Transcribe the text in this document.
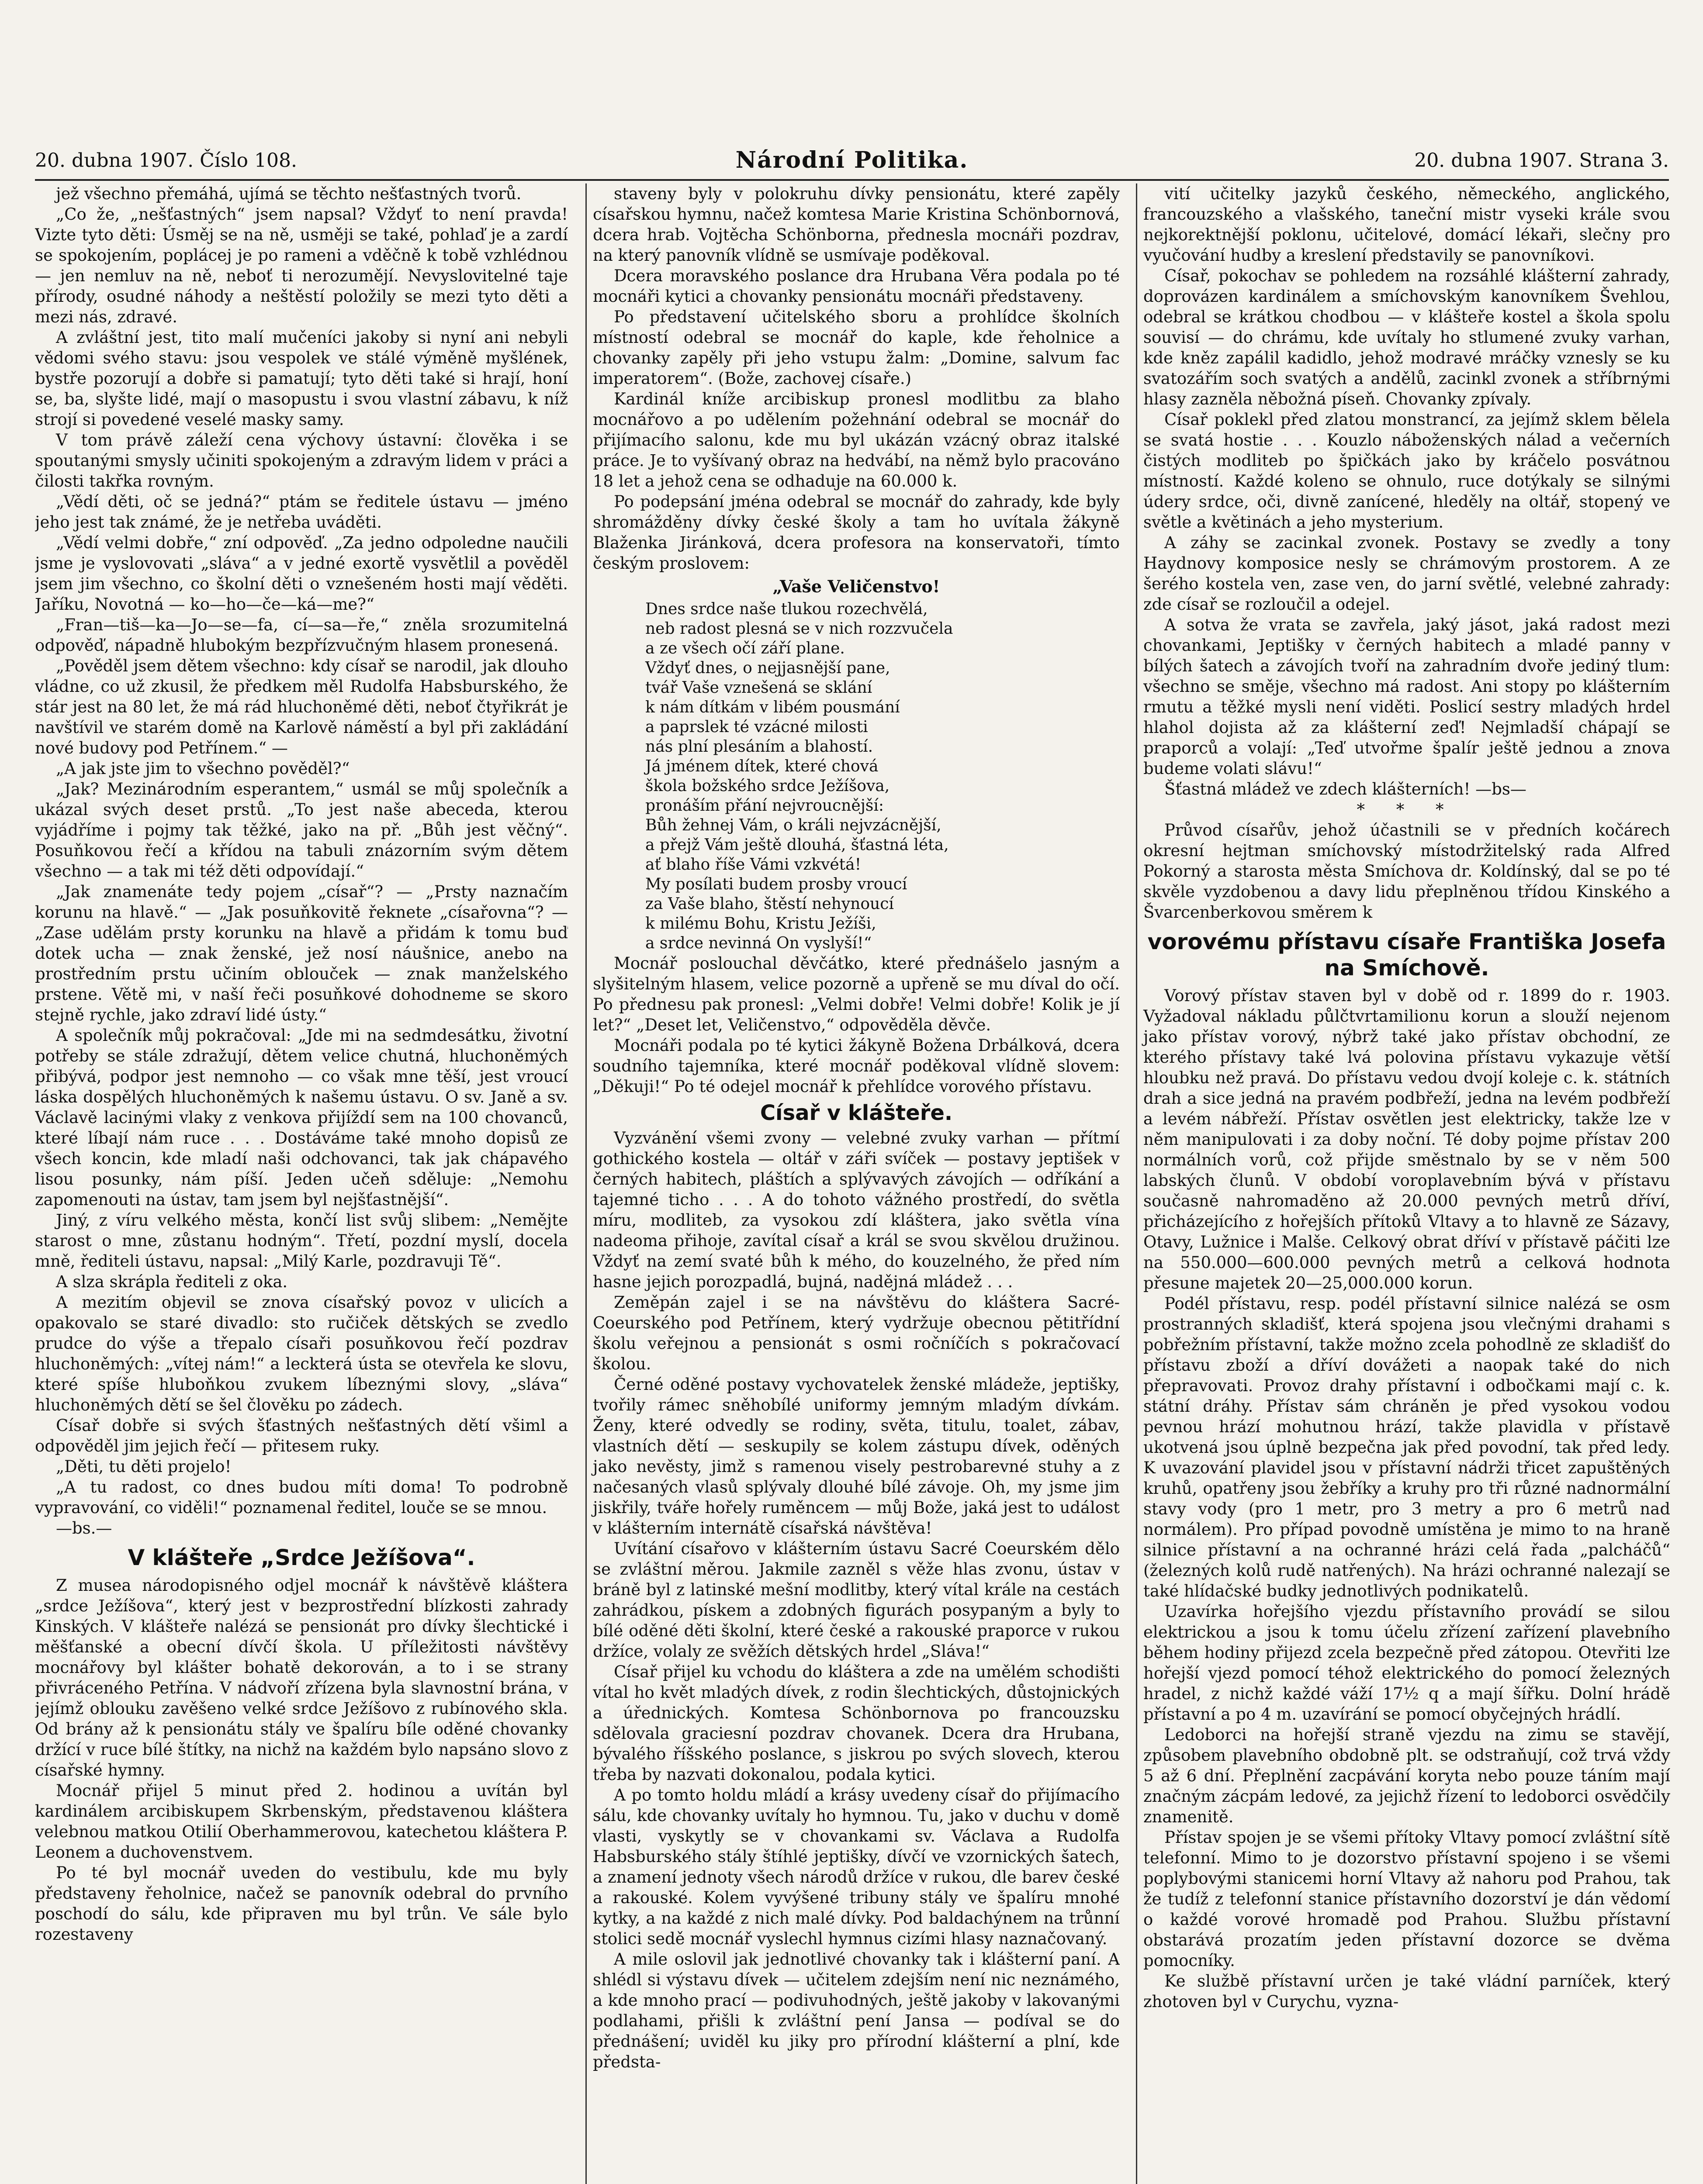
20. dubna 1907. Číslo 108.	Národní Politika.	20. dubna 1907. Strana 3.

jež všechno přemáhá, ujímá se těchto nešťastných tvorů.

„Co že, „nešťastných“ jsem napsal? Vždyť to není pravda! Vizte tyto děti: Úsměj se na ně, usměji se také, pohlaď je a zardí se spokojením, poplácej je po rameni a vděčně k tobě vzhlédnou — jen nemluv na ně, neboť ti nerozumějí. Nevyslovitelné taje přírody, osudné náhody a neštěstí položily se mezi tyto děti a mezi nás, zdravé.

A zvláštní jest, tito malí mučeníci jakoby si nyní ani nebyli vědomi svého stavu: jsou vespolek ve stálé výměně myšlének, bystře pozorují a dobře si pamatují; tyto děti také si hrají, honí se, ba, slyšte lidé, mají o masopustu i svou vlastní zábavu, k níž strojí si povedené veselé masky samy.

V tom právě záleží cena výchovy ústavní: člověka i se spoutanými smysly učiniti spokojeným a zdravým lidem v práci a čilosti takřka rovným.

„Vědí děti, oč se jedná?“ ptám se ředitele ústavu — jméno jeho jest tak známé, že je netřeba uváděti.

„Vědí velmi dobře,“ zní odpověď. „Za jedno odpoledne naučili jsme je vyslovovati „sláva“ a v jedné exortě vysvětlil a pověděl jsem jim všechno, co školní děti o vznešeném hosti mají věděti. Jaříku, Novotná — ko—ho—če—ká—me?“

„Fran—tiš—ka—Jo—se—fa, cí—sa—ře,“ zněla srozumitelná odpověď, nápadně hlubokým bezpřízvučným hlasem pronesená.

„Pověděl jsem dětem všechno: kdy císař se narodil, jak dlouho vládne, co už zkusil, že předkem měl Rudolfa Habsburského, že stár jest na 80 let, že má rád hluchoněmé děti, neboť čtyřikrát je navštívil ve starém domě na Karlově náměstí a byl při zakládání nové budovy pod Petřínem.“ —

„A jak jste jim to všechno pověděl?“

„Jak? Mezinárodním esperantem,“ usmál se můj společník a ukázal svých deset prstů. „To jest naše abeceda, kterou vyjádříme i pojmy tak těžké, jako na př. „Bůh jest věčný“. Posuňkovou řečí a křídou na tabuli znázorním svým dětem všechno — a tak mi též děti odpovídají.“

„Jak znamenáte tedy pojem „císař“? — „Prsty naznačím korunu na hlavě.“ — „Jak posuňkovitě řeknete „císařovna“? — „Zase udělám prsty korunku na hlavě a přidám k tomu buď dotek ucha — znak ženské, jež nosí náušnice, anebo na prostředním prstu učiním oblouček — znak manželského prstene. Větě mi, v naší řeči posuňkové dohodneme se skoro stejně rychle, jako zdraví lidé ústy.“

A společník můj pokračoval: „Jde mi na sedmdesátku, životní potřeby se stále zdražují, dětem velice chutná, hluchoněmých přibývá, podpor jest nemnoho — co však mne těší, jest vroucí láska dospělých hluchoněmých k našemu ústavu. O sv. Janě a sv. Václavě lacinými vlaky z venkova přijíždí sem na 100 chovanců, které líbají nám ruce . . . Dostáváme také mnoho dopisů ze všech koncin, kde mladí naši odchovanci, tak jak chápavého lisou posunky, nám píší. Jeden učeň sděluje: „Nemohu zapomenouti na ústav, tam jsem byl nejšťastnější“.

Jiný, z víru velkého města, končí list svůj slibem: „Nemějte starost o mne, zůstanu hodným“. Třetí, pozdní myslí, docela mně, řediteli ústavu, napsal: „Milý Karle, pozdravuji Tě“.

A slza skrápla řediteli z oka.

A mezitím objevil se znova císařský povoz v ulicích a opakovalo se staré divadlo: sto ručiček dětských se zvedlo prudce do výše a třepalo císaři posuňkovou řečí pozdrav hluchoněmých: „vítej nám!“ a leckterá ústa se otevřela ke slovu, které spíše hluboňkou zvukem líbeznými slovy, „sláva“ hluchoněmých dětí se šel člověku po zádech.

Císař dobře si svých šťastných nešťastných dětí všiml a odpověděl jim jejich řečí — přitesem ruky.

„Děti, tu děti projelo!

„A tu radost, co dnes budou míti doma! To podrobně vypravování, co viděli!“ poznamenal ředitel, louče se se mnou.

—bs.—

V klášteře „Srdce Ježíšova“.

Z musea národopisného odjel mocnář k návštěvě kláštera „srdce Ježíšova“, který jest v bezprostřední blízkosti zahrady Kinských. V klášteře nalézá se pensionát pro dívky šlechtické i měšťanské a obecní dívčí škola. U příležitosti návštěvy mocnářovy byl klášter bohatě dekorován, a to i se strany přivráceného Petřína. V nádvoří zřízena byla slavnostní brána, v jejímž oblouku zavěšeno velké srdce Ježíšovo z rubínového skla. Od brány až k pensionátu stály ve špalíru bíle oděné chovanky držící v ruce bílé štítky, na nichž na každém bylo napsáno slovo z císařské hymny.

Mocnář přijel 5 minut před 2. hodinou a uvítán byl kardinálem arcibiskupem Skrbenským, představenou kláštera velebnou matkou Otilií Oberhammerovou, katechetou kláštera P. Leonem a duchovenstvem.

Po té byl mocnář uveden do vestibulu, kde mu byly představeny řeholnice, načež se panovník odebral do prvního poschodí do sálu, kde připraven mu byl trůn. Ve sále bylo rozestaveny

staveny byly v polokruhu dívky pensionátu, které zapěly císařskou hymnu, načež komtesa Marie Kristina Schönbornová, dcera hrab. Vojtěcha Schönborna, přednesla mocnáři pozdrav, na který panovník vlídně se usmívaje poděkoval.

Dcera moravského poslance dra Hrubana Věra podala po té mocnáři kytici a chovanky pensionátu mocnáři představeny.

Po představení učitelského sboru a prohlídce školních místností odebral se mocnář do kaple, kde řeholnice a chovanky zapěly při jeho vstupu žalm: „Domine, salvum fac imperatorem“. (Bože, zachovej císaře.)

Kardinál kníže arcibiskup pronesl modlitbu za blaho mocnářovo a po udělením požehnání odebral se mocnář do přijímacího salonu, kde mu byl ukázán vzácný obraz italské práce. Je to vyšívaný obraz na hedvábí, na němž bylo pracováno 18 let a jehož cena se odhaduje na 60.000 k.

Po podepsání jména odebral se mocnář do zahrady, kde byly shromážděny dívky české školy a tam ho uvítala žákyně Blaženka Jiránková, dcera profesora na konservatoři, tímto českým proslovem:

„Vaše Veličenstvo!

Dnes srdce naše tlukou rozechvělá,

neb radost plesná se v nich rozzvučela

a ze všech očí září plane.

Vždyť dnes, o nejjasnější pane,

tvář Vaše vznešená se sklání

k nám dítkám v libém pousmání

a paprslek té vzácné milosti

nás plní plesáním a blahostí.

Já jménem dítek, které chová

škola božského srdce Ježíšova,

pronáším přání nejvroucnější:

Bůh žehnej Vám, o králi nejvzácnější,

a přejž Vám ještě dlouhá, šťastná léta,

ať blaho říše Vámi vzkvétá!

My posílati budem prosby vroucí

za Vaše blaho, štěstí nehynoucí

k milému Bohu, Kristu Ježíši,

a srdce nevinná On vyslyší!“

Mocnář poslouchal děvčátko, které přednášelo jasným a slyšitelným hlasem, velice pozorně a upřeně se mu díval do očí. Po přednesu pak pronesl: „Velmi dobře! Velmi dobře! Kolik je jí let?“ „Deset let, Veličenstvo,“ odpověděla děvče.

Mocnáři podala po té kytici žákyně Božena Drbálková, dcera soudního tajemníka, které mocnář poděkoval vlídně slovem: „Děkuji!“ Po té odejel mocnář k přehlídce vorového přístavu.

Císař v klášteře.

Vyzvánění všemi zvony — velebné zvuky varhan — přítmí gothického kostela — oltář v záři svíček — postavy jeptišek v černých habitech, pláštích a splývavých závojích — odříkání a tajemné ticho . . . A do tohoto vážného prostředí, do světla míru, modliteb, za vysokou zdí kláštera, jako světla vína nadeoma přihoje, zavítal císař a král se svou skvělou družinou. Vždyť na zemí svaté bůh k mého, do kouzelného, že před ním hasne jejich porozpadlá, bujná, nadějná mládež . . .

Zeměpán zajel i se na návštěvu do kláštera Sacré-Coeurského pod Petřínem, který vydržuje obecnou pětitřídní školu veřejnou a pensionát s osmi ročníčích s pokračovací školou.

Černé oděné postavy vychovatelek ženské mládeže, jeptišky, tvořily rámec sněhobílé uniformy jemným mladým dívkám. Ženy, které odvedly se rodiny, světa, titulu, toalet, zábav, vlastních dětí — seskupily se kolem zástupu dívek, oděných jako nevěsty, jimž s ramenou visely pestrobarevné stuhy a z načesaných vlasů splývaly dlouhé bílé závoje. Oh, my jsme jim jiskřily, tváře hořely ruměncem — můj Bože, jaká jest to událost v klášterním internátě císařská návštěva!

Uvítání císařovo v klášterním ústavu Sacré Coeurském dělo se zvláštní měrou. Jakmile zazněl s věže hlas zvonu, ústav v bráně byl z latinské mešní modlitby, který vítal krále na cestách zahrádkou, pískem a zdobných figurách posypaným a byly to bílé oděné děti školní, které české a rakouské praporce v rukou držíce, volaly ze svěžích dětských hrdel „Sláva!“

Císař přijel ku vchodu do kláštera a zde na umělém schodišti vítal ho květ mladých dívek, z rodin šlechtických, důstojnických a úřednických. Komtesa Schönbornova po francouzsku sdělovala graciesní pozdrav chovanek. Dcera dra Hrubana, bývalého říšského poslance, s jiskrou po svých slovech, kterou třeba by nazvati dokonalou, podala kytici.

A po tomto holdu mládí a krásy uvedeny císař do přijímacího sálu, kde chovanky uvítaly ho hymnou. Tu, jako v duchu v domě vlasti, vyskytly se v chovankami sv. Václava a Rudolfa Habsburského stály štíhlé jeptišky, dívčí ve vzornických šatech, a znamení jednoty všech národů držíce v rukou, dle barev české a rakouské. Kolem vyvýšené tribuny stály ve špalíru mnohé kytky, a na každé z nich malé dívky. Pod baldachýnem na trůnní stolici sedě mocnář vyslechl hymnus cizími hlasy naznačovaný.

A mile oslovil jak jednotlivé chovanky tak i klášterní paní. A shlédl si výstavu dívek — učitelem zdejším není nic neznámého, a kde mnoho prací — podivuhodných, ještě jakoby v lakovanými podlahami, přišli k zvláštní pení Jansa — podíval se do přednášení; uviděl ku jiky pro přírodní klášterní a plní, kde předsta-

vití učitelky jazyků českého, německého, anglického, francouzského a vlašského, taneční mistr vyseki krále svou nejkorektnější poklonu, učitelové, domácí lékaři, slečny pro vyučování hudby a kreslení představily se panovníkovi.

Císař, pokochav se pohledem na rozsáhlé klášterní zahrady, doprovázen kardinálem a smíchovským kanovníkem Švehlou, odebral se krátkou chodbou — v klášteře kostel a škola spolu souvisí — do chrámu, kde uvítaly ho stlumené zvuky varhan, kde kněz zapálil kadidlo, jehož modravé mráčky vznesly se ku svatozářím soch svatých a andělů, zacinkl zvonek a stříbrnými hlasy zazněla něbožná píseň. Chovanky zpívaly.

Císař poklekl před zlatou monstrancí, za jejímž sklem bělela se svatá hostie . . . Kouzlo náboženských nálad a večerních čistých modliteb po špičkách jako by kráčelo posvátnou místností. Každé koleno se ohnulo, ruce dotýkaly se silnými údery srdce, oči, divně zanícené, hleděly na oltář, stopený ve světle a květinách a jeho mysterium.

A záhy se zacinkal zvonek. Postavy se zvedly a tony Haydnovy komposice nesly se chrámovým prostorem. A ze šerého kostela ven, zase ven, do jarní světlé, velebné zahrady: zde císař se rozloučil a odejel.

A sotva že vrata se zavřela, jaký jásot, jaká radost mezi chovankami, Jeptišky v černých habitech a mladé panny v bílých šatech a závojích tvoří na zahradním dvoře jediný tlum: všechno se směje, všechno má radost. Ani stopy po klášterním rmutu a těžké mysli není viděti. Poslicí sestry mladých hrdel hlahol dojista až za klášterní zeď! Nejmladší chápají se praporců a volají: „Teď utvořme špalír ještě jednou a znova budeme volati slávu!“

Šťastná mládež ve zdech klášterních! —bs—

* * *

Průvod císařův, jehož účastnili se v předních kočárech okresní hejtman smíchovský místodržitelský rada Alfred Pokorný a starosta města Smíchova dr. Koldínský, dal se po té skvěle vyzdobenou a davy lidu přeplněnou třídou Kinského a Švarcenberkovou směrem k

vorovému přístavu císaře Františka Josefa na Smíchově.

Vorový přístav staven byl v době od r. 1899 do r. 1903. Vyžadoval nákladu půlčtvrtamilionu korun a slouží nejenom jako přístav vorový, nýbrž také jako přístav obchodní, ze kterého přístavy také lvá polovina přístavu vykazuje větší hloubku než pravá. Do přístavu vedou dvojí koleje c. k. státních drah a sice jedná na pravém podbřeží, jedna na levém podbřeží a levém nábřeží. Přístav osvětlen jest elektricky, takže lze v něm manipulovati i za doby noční. Té doby pojme přístav 200 normálních vorů, což přijde směstnalo by se v něm 500 labských člunů. V období voroplavebním bývá v přístavu současně nahromaděno až 20.000 pevných metrů dříví, přicházejícího z hořejších přítoků Vltavy a to hlavně ze Sázavy, Otavy, Lužnice i Malše. Celkový obrat dříví v přístavě páčiti lze na 550.000—600.000 pevných metrů a celková hodnota přesune majetek 20—25,000.000 korun.

Podél přístavu, resp. podél přístavní silnice nalézá se osm prostranných skladišť, která spojena jsou vlečnými drahami s pobřežním přístavní, takže možno zcela pohodlně ze skladišť do přístavu zboží a dříví dovážeti a naopak také do nich přepravovati. Provoz drahy přístavní i odbočkami mají c. k. státní dráhy. Přístav sám chráněn je před vysokou vodou pevnou hrází mohutnou hrází, takže plavidla v přístavě ukotvená jsou úplně bezpečna jak před povodní, tak před ledy. K uvazování plavidel jsou v přístavní nádrži třicet zapuštěných kruhů, opatřeny jsou žebříky a kruhy pro tři různé nadnormální stavy vody (pro 1 metr, pro 3 metry a pro 6 metrů nad normálem). Pro případ povodně umístěna je mimo to na hraně silnice přístavní a na ochranné hrázi celá řada „palcháčů“ (železných kolů rudě natřených). Na hrázi ochranné nalezají se také hlídačské budky jednotlivých podnikatelů.

Uzavírka hořejšího vjezdu přístavního provádí se silou elektrickou a jsou k tomu účelu zřízení zařízení plavebního během hodiny přijezd zcela bezpečně před zátopou. Otevřiti lze hořejší vjezd pomocí téhož elektrického do pomocí železných hradel, z nichž každé váží 17½ q a mají šířku. Dolní hrádě přístavní a po 4 m. uzavírání se pomocí obyčejných hrádlí.

Ledoborci na hořejší straně vjezdu na zimu se stavějí, způsobem plavebního obdobně plt. se odstraňují, což trvá vždy 5 až 6 dní. Přeplnění zacpávání koryta nebo pouze táním mají značným zácpám ledové, za jejichž řízení to ledoborci osvědčily znamenitě.

Přístav spojen je se všemi přítoky Vltavy pomocí zvláštní sítě telefonní. Mimo to je dozorstvo přístavní spojeno i se všemi poplybovými stanicemi horní Vltavy až nahoru pod Prahou, tak že tudíž z telefonní stanice přístavního dozorství je dán vědomí o každé vorové hromadě pod Prahou. Službu přístavní obstarává prozatím jeden přístavní dozorce se dvěma pomocníky.

Ke službě přístavní určen je také vládní parníček, který zhotoven byl v Curychu, vyzna-
